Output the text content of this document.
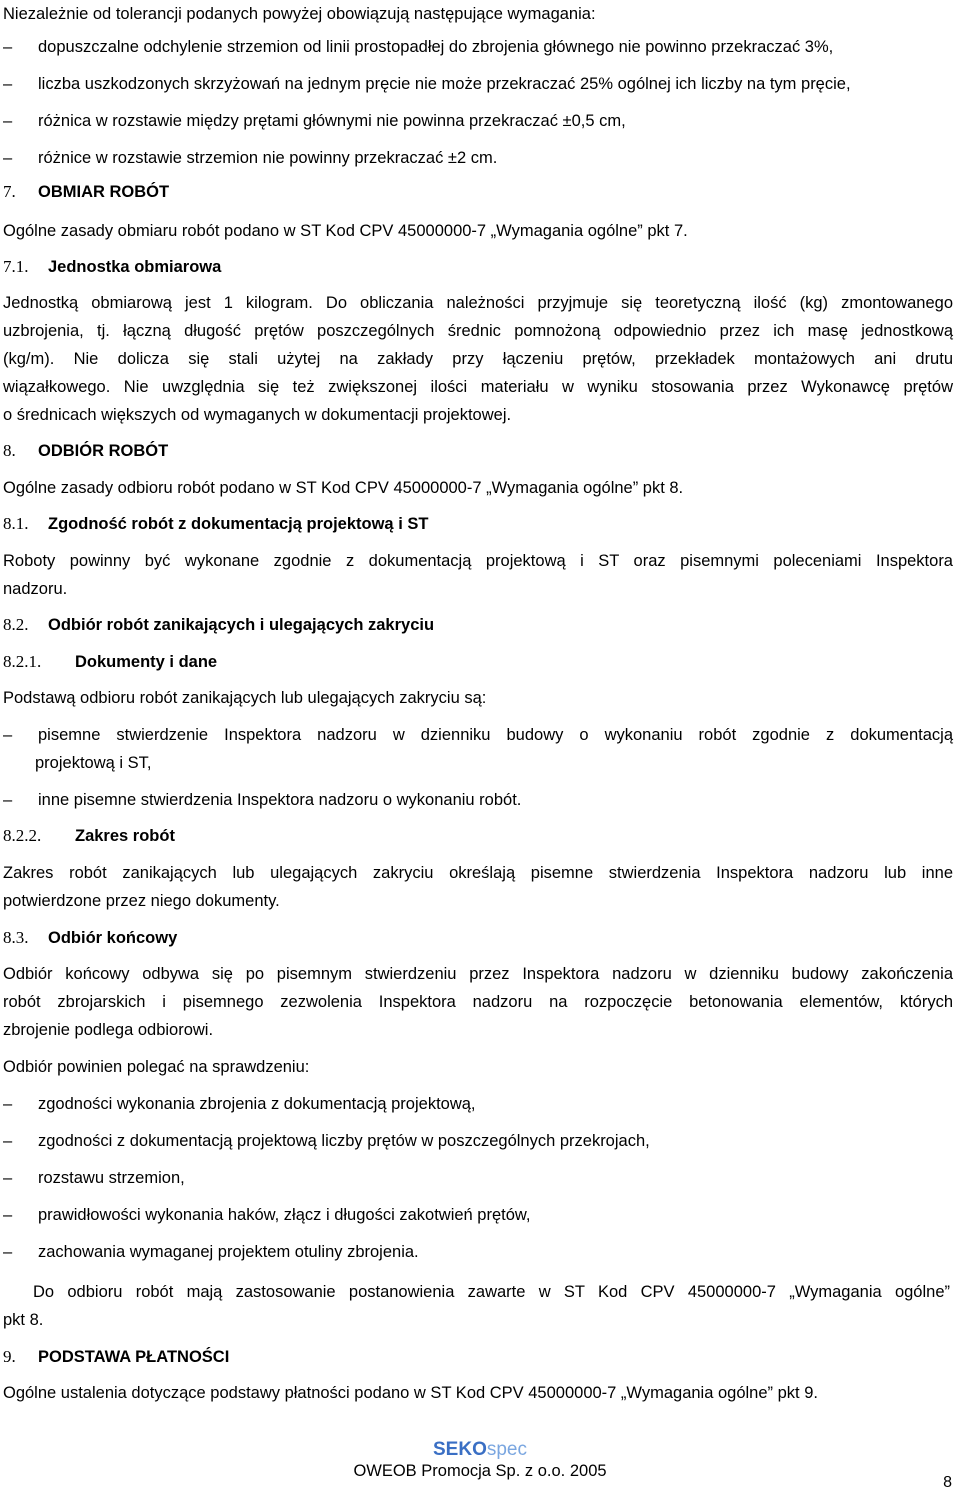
Niezależnie od tolerancji podanych powyżej obowiązują następujące wymagania:
–	dopuszczalne odchylenie strzemion od linii prostopadłej do zbrojenia głównego nie powinno przekraczać 3%,
–	liczba uszkodzonych skrzyżowań na jednym pręcie nie może przekraczać 25% ogólnej ich liczby na tym pręcie,
–	różnica w rozstawie między prętami głównymi nie powinna przekraczać ±0,5 cm,
–	różnice w rozstawie strzemion nie powinny przekraczać ±2 cm.
7. OBMIAR ROBÓT
Ogólne zasady obmiaru robót podano w ST Kod CPV 45000000-7 „Wymagania ogólne” pkt 7.
7.1. Jednostka obmiarowa
Jednostką obmiarową jest 1 kilogram. Do obliczania należności przyjmuje się teoretyczną ilość (kg) zmontowanego
uzbrojenia, tj. łączną długość prętów poszczególnych średnic pomnożoną odpowiednio przez ich masę jednostkową
(kg/m). Nie dolicza się stali użytej na zakłady przy łączeniu prętów, przekładek montażowych ani drutu
wiązałkowego. Nie uwzględnia się też zwiększonej ilości materiału w wyniku stosowania przez Wykonawcę prętów
o średnicach większych od wymaganych w dokumentacji projektowej.
8. ODBIÓR ROBÓT
Ogólne zasady odbioru robót podano w ST Kod CPV 45000000-7 „Wymagania ogólne” pkt 8.
8.1. Zgodność robót z dokumentacją projektową i ST
Roboty powinny być wykonane zgodnie z dokumentacją projektową i ST oraz pisemnymi poleceniami Inspektora
nadzoru.
8.2. Odbiór robót zanikających i ulegających zakryciu
8.2.1. Dokumenty i dane
Podstawą odbioru robót zanikających lub ulegających zakryciu są:
–	pisemne stwierdzenie Inspektora nadzoru w dzienniku budowy o wykonaniu robót zgodnie z dokumentacją
projektową i ST,
–	inne pisemne stwierdzenia Inspektora nadzoru o wykonaniu robót.
8.2.2. Zakres robót
Zakres robót zanikających lub ulegających zakryciu określają pisemne stwierdzenia Inspektora nadzoru lub inne
potwierdzone przez niego dokumenty.
8.3. Odbiór końcowy
Odbiór końcowy odbywa się po pisemnym stwierdzeniu przez Inspektora nadzoru w dzienniku budowy zakończenia
robót zbrojarskich i pisemnego zezwolenia Inspektora nadzoru na rozpoczęcie betonowania elementów, których
zbrojenie podlega odbiorowi.
Odbiór powinien polegać na sprawdzeniu:
–	zgodności wykonania zbrojenia z dokumentacją projektową,
–	zgodności z dokumentacją projektową liczby prętów w poszczególnych przekrojach,
–	rozstawu strzemion,
–	prawidłowości wykonania haków, złącz i długości zakotwień prętów,
–	zachowania wymaganej projektem otuliny zbrojenia.
Do odbioru robót mają zastosowanie postanowienia zawarte w ST Kod CPV 45000000-7 „Wymagania ogólne”
pkt 8.
9. PODSTAWA PŁATNOŚCI
Ogólne ustalenia dotyczące podstawy płatności podano w ST Kod CPV 45000000-7 „Wymagania ogólne” pkt 9.
SEKOspec
OWEOB Promocja Sp. z o.o. 2005
8
